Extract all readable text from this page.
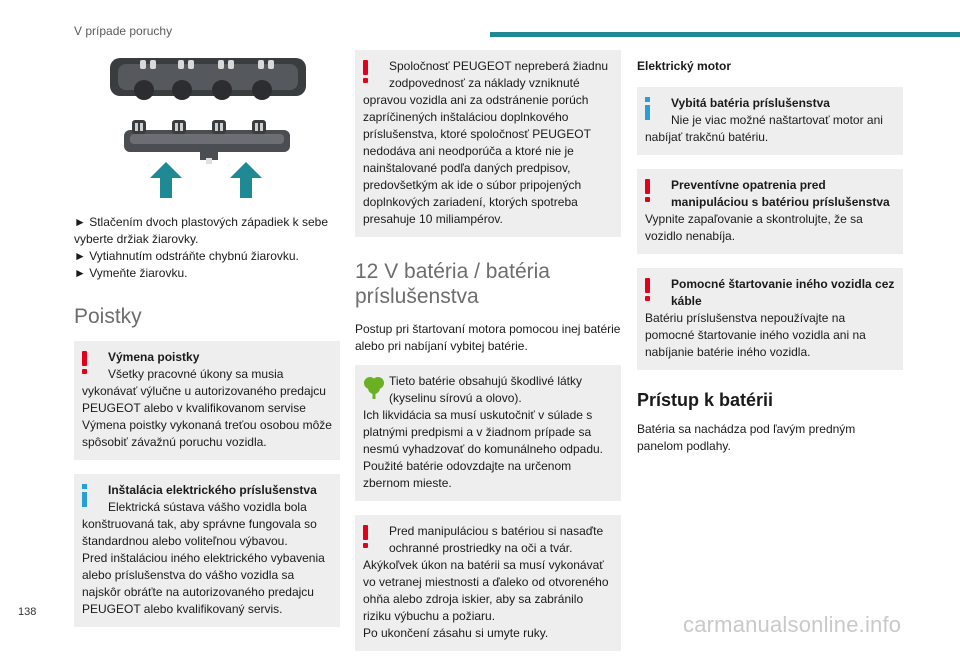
V prípade poruchy

► Stlačením dvoch plastových západiek k sebe vyberte držiak žiarovky.

► Vytiahnutím odstráňte chybnú žiarovku.

► Vymeňte žiarovku.

Poistky
Výmena poistky
Všetky pracovné úkony sa musia

vykonávať výlučne u autorizovaného predajcu PEUGEOT alebo v kvalifikovanom servise Výmena poistky vykonaná treťou osobou môže spôsobiť závažnú poruchu vozidla.

Inštalácia elektrického príslušenstva
Elektrická sústava vášho vozidla bola

konštruovaná tak, aby správne fungovala so štandardnou alebo voliteľnou výbavou.

Pred inštaláciou iného elektrického vybavenia alebo príslušenstva do vášho vozidla sa najskôr obráťte na autorizovaného predajcu PEUGEOT alebo kvalifikovaný servis.

Spoločnosť PEUGEOT nepreberá žiadnu zodpovednosť za náklady vzniknuté

opravou vozidla ani za odstránenie porúch zapríčinených inštaláciou doplnkového príslušenstva, ktoré spoločnosť PEUGEOT nedodáva ani neodporúča a ktoré nie je nainštalované podľa daných predpisov, predovšetkým ak ide o súbor pripojených doplnkových zariadení, ktorých spotreba presahuje 10 miliampérov.

12 V batéria / batéria príslušenstva

Postup pri štartovaní motora pomocou inej batérie alebo pri nabíjaní vybitej batérie.

Tieto batérie obsahujú škodlivé látky (kyselinu sírovú a olovo).

Ich likvidácia sa musí uskutočniť v súlade s platnými predpismi a v žiadnom prípade sa nesmú vyhadzovať do komunálneho odpadu. Použité batérie odovzdajte na určenom zbernom mieste.

Pred manipuláciou s batériou si nasaďte ochranné prostriedky na oči a tvár.

Akýkoľvek úkon na batérii sa musí vykonávať vo vetranej miestnosti a ďaleko od otvoreného ohňa alebo zdroja iskier, aby sa zabránilo riziku výbuchu a požiaru.

Po ukončení zásahu si umyte ruky.

Elektrický motor
Vybitá batéria príslušenstva
Nie je viac možné naštartovať motor ani

nabíjať trakčnú batériu.

Preventívne opatrenia pred manipuláciou s batériou príslušenstva

Vypnite zapaľovanie a skontrolujte, že sa vozidlo nenabíja.

Pomocné štartovanie iného vozidla cez káble

Batériu príslušenstva nepoužívajte na pomocné štartovanie iného vozidla ani na nabíjanie batérie iného vozidla.

Prístup k batérii

Batéria sa nachádza pod ľavým predným panelom podlahy.

138	carmanualsonline.info
